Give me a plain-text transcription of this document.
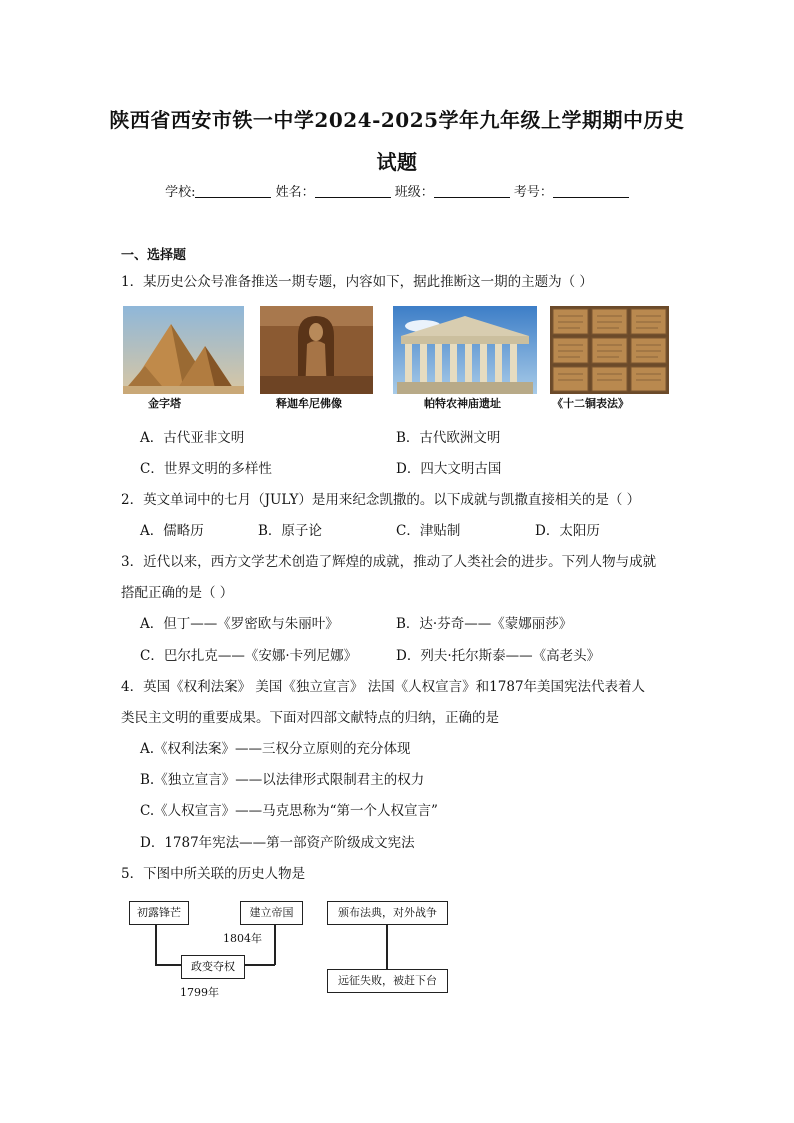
陕西省西安市铁一中学2024-2025学年九年级上学期期中历史
试题
学校:	姓名：	班级：	考号：
一、选择题
1．某历史公众号准备推送一期专题，内容如下，据此推断这一期的主题为（ ）
金字塔	释迦牟尼佛像	帕特农神庙遗址	《十二铜表法》
A．古代亚非文明	B．古代欧洲文明
C．世界文明的多样性	D．四大文明古国
2．英文单词中的七月（JULY）是用来纪念凯撒的。以下成就与凯撒直接相关的是（ ）
A．儒略历	B．原子论	C．津贴制	D．太阳历
3．近代以来，西方文学艺术创造了辉煌的成就，推动了人类社会的进步。下列人物与成就
搭配正确的是（ ）
A．但丁——《罗密欧与朱丽叶》	B．达·芬奇——《蒙娜丽莎》
C．巴尔扎克——《安娜·卡列尼娜》	D．列夫·托尔斯泰——《高老头》
4．英国《权利法案》 美国《独立宣言》 法国《人权宣言》和1787年美国宪法代表着人
类民主文明的重要成果。下面对四部文献特点的归纳，正确的是
A.《权利法案》——三权分立原则的充分体现
B.《独立宣言》——以法律形式限制君主的权力
C.《人权宣言》——马克思称为“第一个人权宣言”
D．1787年宪法——第一部资产阶级成文宪法
5．下图中所关联的历史人物是
初露锋芒	建立帝国
政变夺权
颁布法典，对外战争
远征失败，被赶下台
1804年
1799年
